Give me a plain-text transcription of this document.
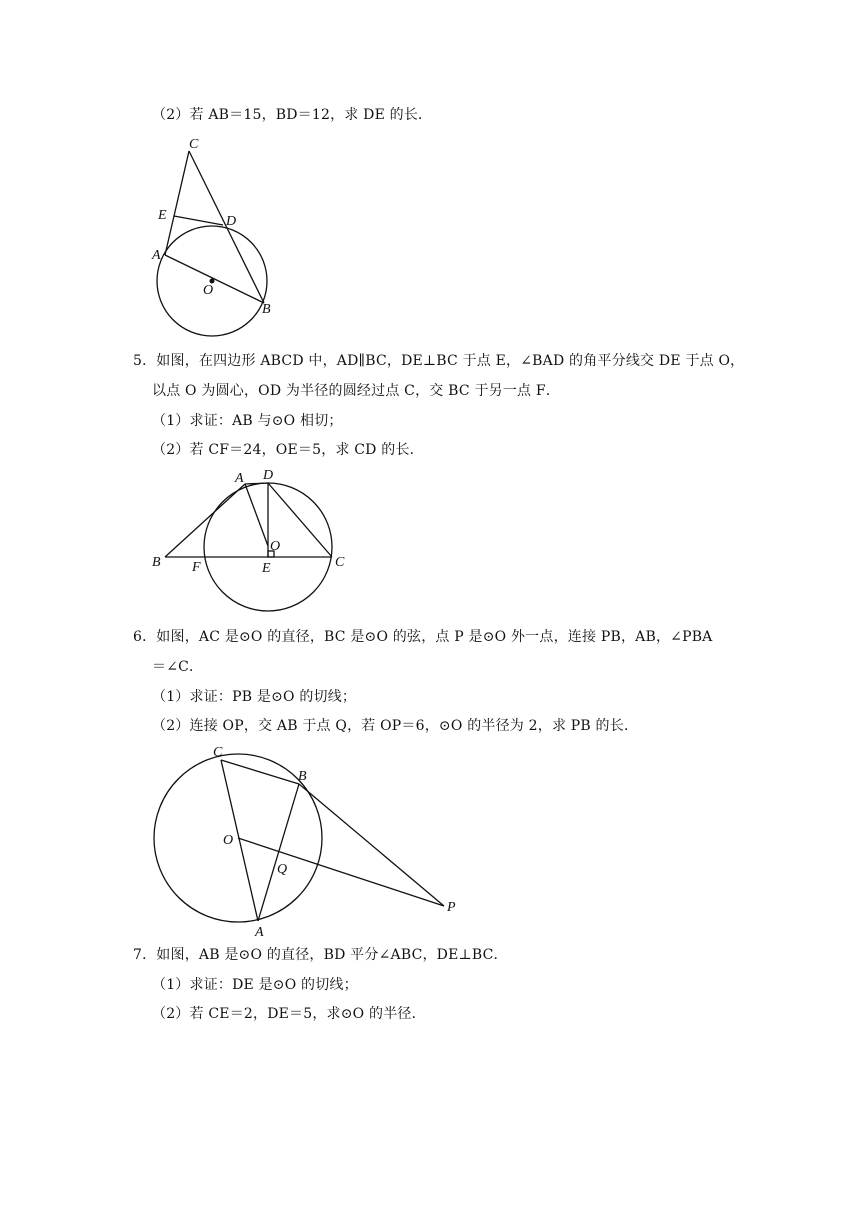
（2）若 AB＝15，BD＝12，求 DE 的长．
C
E	D
A
O
B
5．如图，在四边形 ABCD 中，AD∥BC，DE⊥BC 于点 E，∠BAD 的角平分线交 DE 于点 O，
以点 O 为圆心，OD 为半径的圆经过点 C，交 BC 于另一点 F．
（1）求证：AB 与⊙O 相切；
（2）若 CF＝24，OE＝5，求 CD 的长．
A D
O
B F	E	C
6．如图，AC 是⊙O 的直径，BC 是⊙O 的弦，点 P 是⊙O 外一点，连接 PB，AB，∠PBA
＝∠C．
（1）求证：PB 是⊙O 的切线；
（2）连接 OP，交 AB 于点 Q，若 OP＝6，⊙O 的半径为 2，求 PB 的长．
C
B
O
Q
A
P
7．如图，AB 是⊙O 的直径，BD 平分∠ABC，DE⊥BC．
（1）求证：DE 是⊙O 的切线；
（2）若 CE＝2，DE＝5，求⊙O 的半径．
